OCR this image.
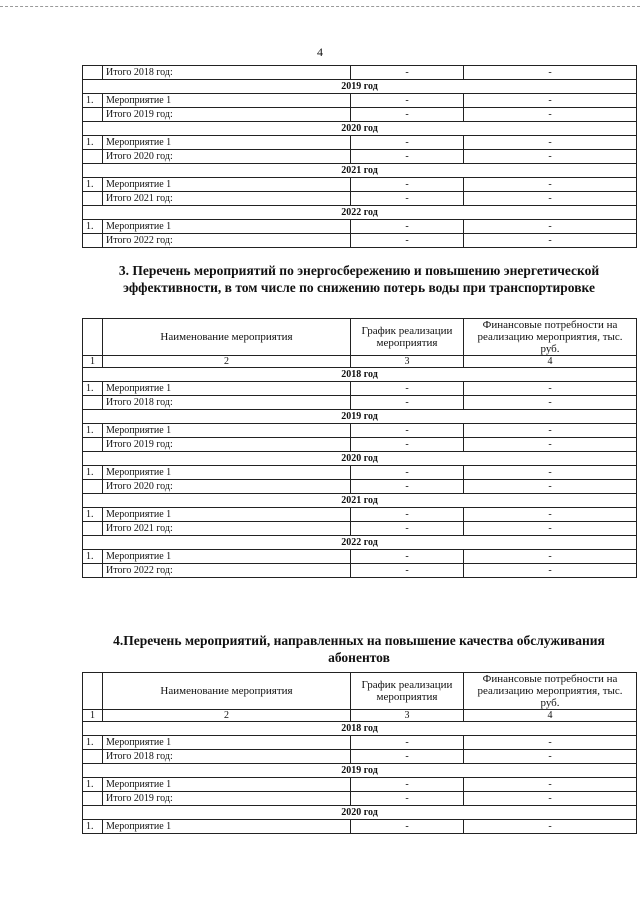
4
	Итого 2018 год:	-	-
2019 год			
1.	Мероприятие 1	-	-
	Итого 2019 год:	-	-
2020 год			
1.	Мероприятие 1	-	-
	Итого 2020 год:	-	-
2021 год			
1.	Мероприятие 1	-	-
	Итого 2021 год:	-	-
2022 год			
1.	Мероприятие 1	-	-
	Итого 2022 год:	-	-
3. Перечень мероприятий по энергосбережению и повышению энергетической эффективности, в том числе по снижению потерь воды при транспортировке
	Наименование мероприятия	График реализации мероприятия	Финансовые потребности на реализацию мероприятия, тыс. руб.
1	2	3	4
2018 год			
1.	Мероприятие 1	-	-
	Итого 2018 год:	-	-
2019 год			
1.	Мероприятие 1	-	-
	Итого 2019 год:	-	-
2020 год			
1.	Мероприятие 1	-	-
	Итого 2020 год:	-	-
2021 год			
1.	Мероприятие 1	-	-
	Итого 2021 год:	-	-
2022 год			
1.	Мероприятие 1	-	-
	Итого 2022 год:	-	-
4.Перечень мероприятий, направленных на повышение качества обслуживания абонентов
	Наименование мероприятия	График реализации мероприятия	Финансовые потребности на реализацию мероприятия, тыс. руб.
1	2	3	4
2018 год			
1.	Мероприятие 1	-	-
	Итого 2018 год:	-	-
2019 год			
1.	Мероприятие 1	-	-
	Итого 2019 год:	-	-
2020 год			
1.	Мероприятие 1	-	-
